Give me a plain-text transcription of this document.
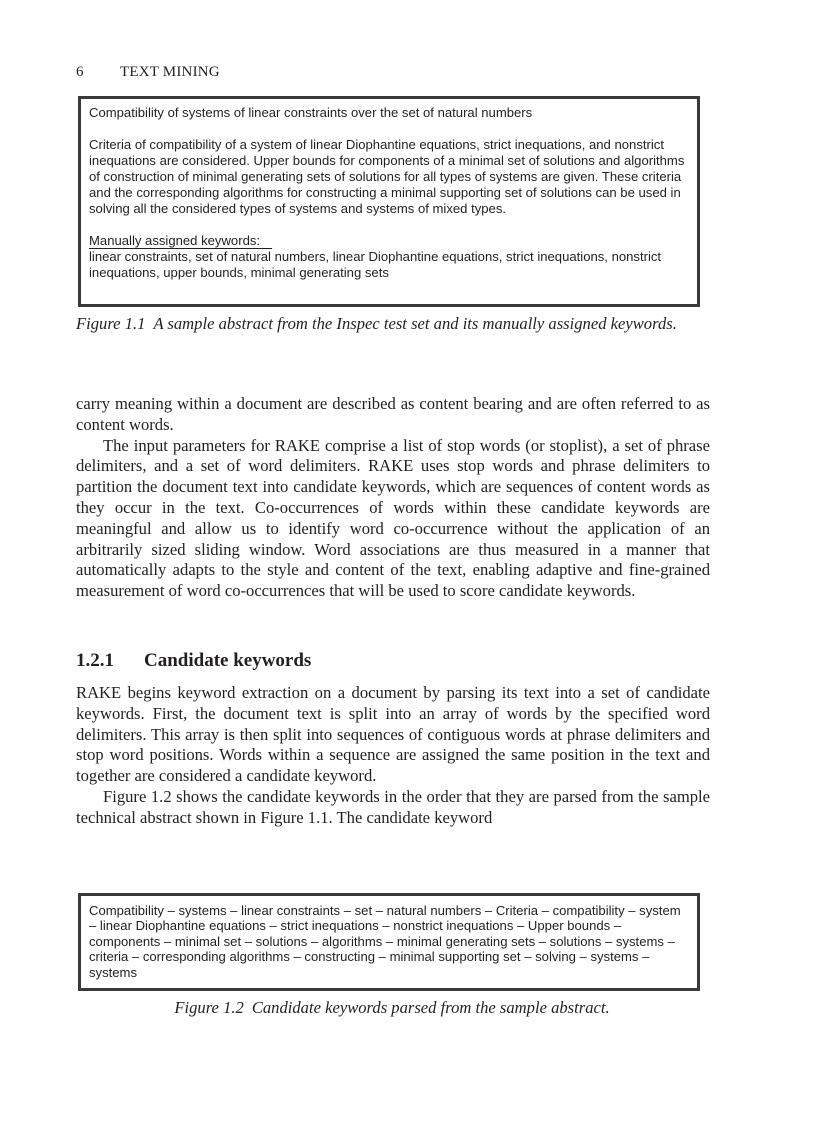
6 TEXT MINING

Compatibility of systems of linear constraints over the set of natural numbers

Criteria of compatibility of a system of linear Diophantine equations, strict inequations, and nonstrict inequations are considered. Upper bounds for components of a minimal set of solutions and algorithms of construction of minimal generating sets of solutions for all types of systems are given. These criteria and the corresponding algorithms for constructing a minimal supporting set of solutions can be used in solving all the considered types of systems and systems of mixed types.

Manually assigned keywords:

linear constraints, set of natural numbers, linear Diophantine equations, strict inequations, nonstrict inequations, upper bounds, minimal generating sets

Figure 1.1 A sample abstract from the Inspec test set and its manually assigned keywords.

carry meaning within a document are described as content bearing and are often referred to as content words.

The input parameters for RAKE comprise a list of stop words (or stoplist), a set of phrase delimiters, and a set of word delimiters. RAKE uses stop words and phrase delimiters to partition the document text into candidate keywords, which are sequences of content words as they occur in the text. Co-occurrences of words within these candidate keywords are meaningful and allow us to identify word co-occurrence without the application of an arbitrarily sized sliding window. Word associations are thus measured in a manner that automatically adapts to the style and content of the text, enabling adaptive and fine-grained measurement of word co-occurrences that will be used to score candidate keywords.

1.2.1 Candidate keywords

RAKE begins keyword extraction on a document by parsing its text into a set of candidate keywords. First, the document text is split into an array of words by the specified word delimiters. This array is then split into sequences of contiguous words at phrase delimiters and stop word positions. Words within a sequence are assigned the same position in the text and together are considered a candidate keyword.

Figure 1.2 shows the candidate keywords in the order that they are parsed from the sample technical abstract shown in Figure 1.1. The candidate keyword

Compatibility – systems – linear constraints – set – natural numbers – Criteria – compatibility – system – linear Diophantine equations – strict inequations – nonstrict inequations – Upper bounds – components – minimal set – solutions – algorithms – minimal generating sets – solutions – systems – criteria – corresponding algorithms – constructing – minimal supporting set – solving – systems – systems

Figure 1.2 Candidate keywords parsed from the sample abstract.
